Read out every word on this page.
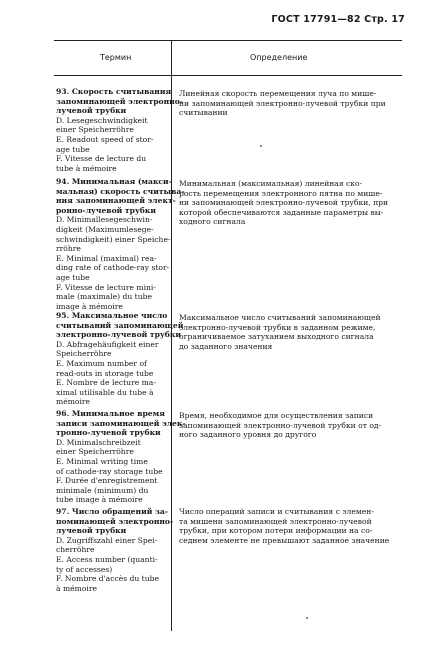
ГОСТ 17791—82 Стр. 17
Термин	Определение
93. Скорость считывания
запоминающей электронно-
лучевой трубки
D. Lesegeschwindigkeit
einer Speicherröhre
E. Readout speed of stor-
age tube
F. Vitesse de lecture du
tube à mémoire
Линейная скорость перемещения луча по мише-
ни запоминающей электронно-лучевой трубки при
считывании
94. Минимальная (макси-
мальная) скорость считыва-
ния запоминающей элект-
ронно-лучевой трубки
D. Minimallesegeschwin-
digkeit (Maximumlesege-
schwindigkeit) einer Speiche-
rröhre
E. Minimal (maximal) rea-
ding rate of cathode-ray stor-
age tube
F. Vitesse de lecture mini-
male (maximale) du tube
image à mémoire
Минимальная (максимальная) линейная ско-
рость перемещения электронного пятна по мишe-
ни запоминающей электронно-лучевой трубки, при
которой обеспечиваются заданные параметры вы-
ходного сигнала
95. Максимальное число
считываний запоминающей
электронно-лучевой трубки
D. Abfragehäufigkeit einer
Speicherröhre
E. Maximum number of
read-outs in storage tube
E. Nombre de lecture ma-
ximal utilisable du tube à
mémoire
Максимальное число считываний запоминающей
электронно-лучевой трубки в заданном режиме,
ограничиваемое затуханием выходного сигнала
до заданного значения
96. Минимальное время
записи запоминающей элек-
тронно-лучевой трубки
D. Minimalschreibzeit
einer Speicherröhre
E. Minimal writing time
of cathode-ray storage tube
F. Durée d'enregistrement
minimale (minimum) du
tube image à mémoire
Время, необходимое для осуществления записи
запоминающей электронно-лучевой трубки от од-
ного заданного уровня до другого
97. Число обращений за-
поминающей электронно-
лучевой трубки
D. Zugriffszahl einer Spei-
cherröhre
E. Access number (quanti-
ty of accesses)
F. Nombre d'accès du tube
à mémoire
Число операций записи и считывания с элемен-
та мишени запоминающей электронно-лучевой
трубки, при котором потери информации на со-
седнем элементе не превышают заданное значение
